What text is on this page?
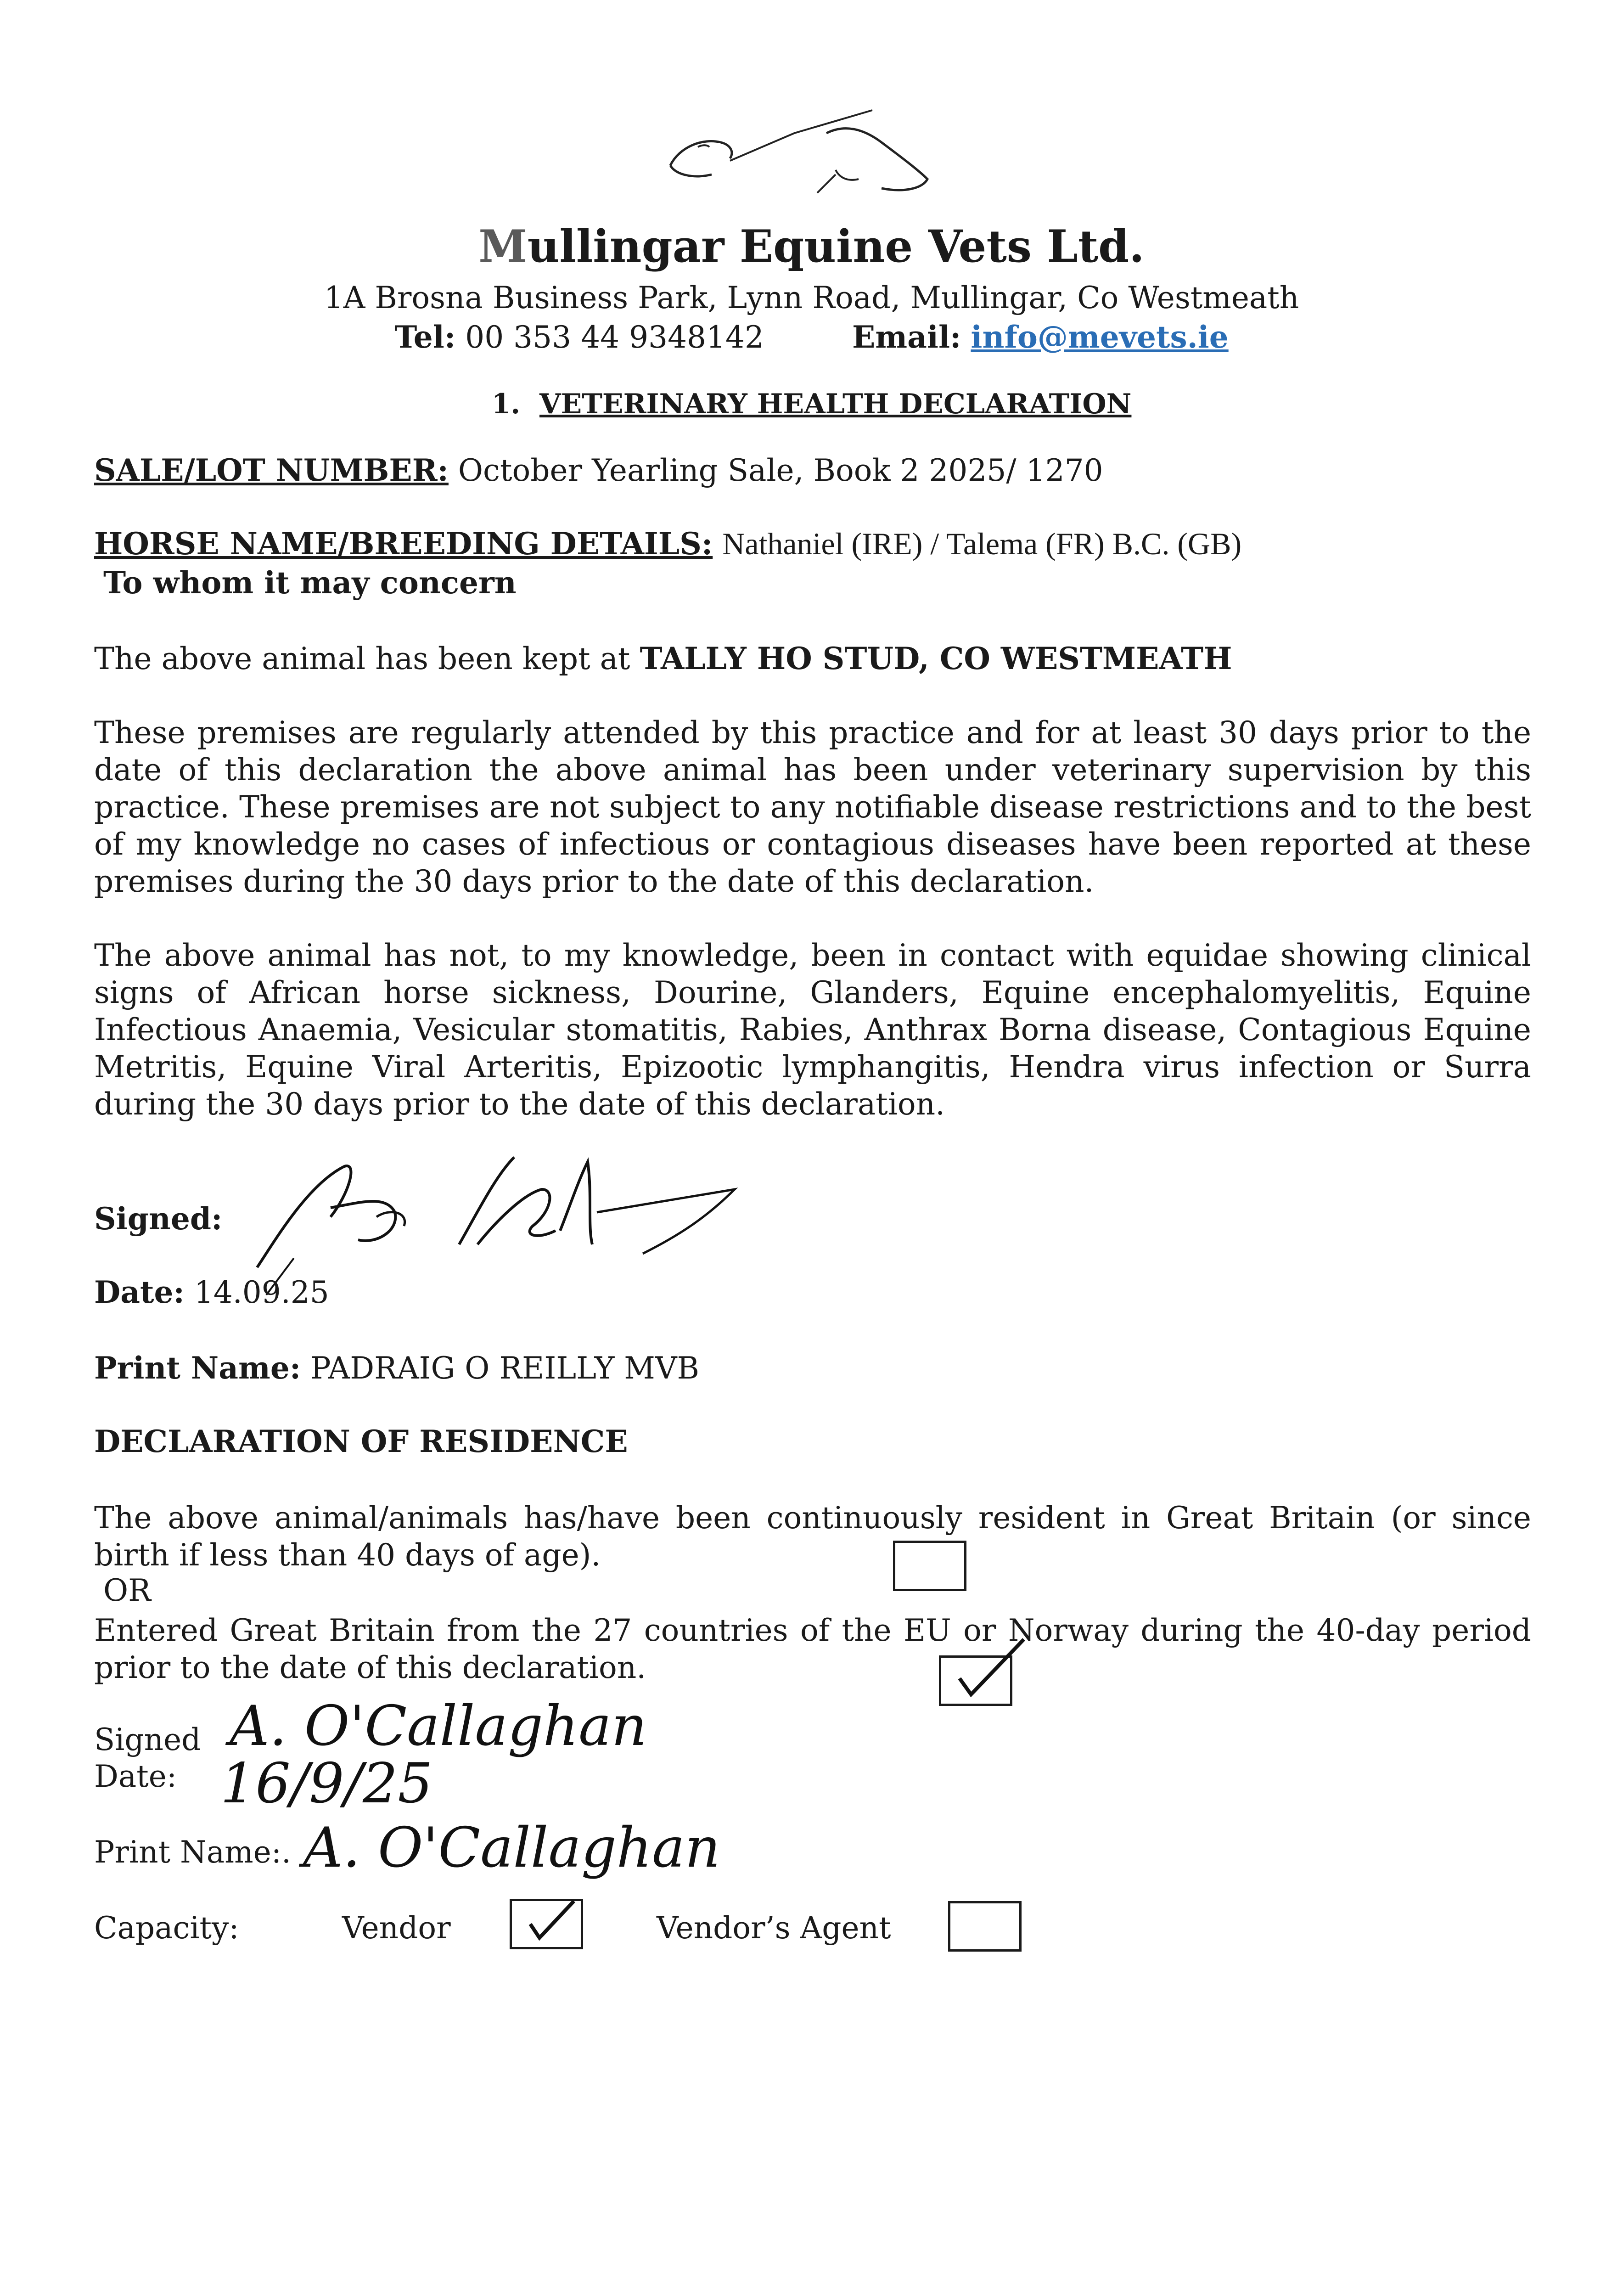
Mullingar Equine Vets Ltd.
1A Brosna Business Park, Lynn Road, Mullingar, Co Westmeath
Tel: 00 353 44 9348142	Email: info@mevets.ie
1. VETERINARY HEALTH DECLARATION
SALE/LOT NUMBER: October Yearling Sale, Book 2 2025/ 1270
HORSE NAME/BREEDING DETAILS: Nathaniel (IRE) / Talema (FR) B.C. (GB)
To whom it may concern
The above animal has been kept at TALLY HO STUD, CO WESTMEATH
These premises are regularly attended by this practice and for at least 30 days prior to the date of this declaration the above animal has been under veterinary supervision by this practice. These premises are not subject to any notifiable disease restrictions and to the best of my knowledge no cases of infectious or contagious diseases have been reported at these premises during the 30 days prior to the date of this declaration.
The above animal has not, to my knowledge, been in contact with equidae showing clinical signs of African horse sickness, Dourine, Glanders, Equine encephalomyelitis, Equine Infectious Anaemia, Vesicular stomatitis, Rabies, Anthrax Borna disease, Contagious Equine Metritis, Equine Viral Arteritis, Epizootic lymphangitis, Hendra virus infection or Surra during the 30 days prior to the date of this declaration.
Signed:
Date: 14.09.25
Print Name: PADRAIG O REILLY MVB
DECLARATION OF RESIDENCE
The above animal/animals has/have been continuously resident in Great Britain (or since birth if less than 40 days of age).
OR
Entered Great Britain from the 27 countries of the EU or Norway during the 40-day period prior to the date of this declaration.
Signed A. O'Callaghan
Date: 16/9/25
Print Name:. A. O'Callaghan
Capacity:	Vendor	Vendor’s Agent
